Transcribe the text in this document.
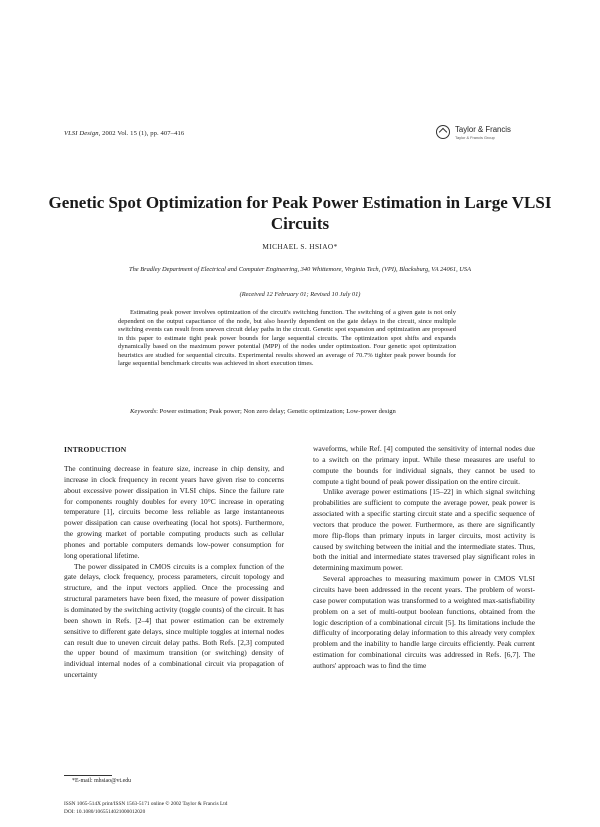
VLSI Design, 2002 Vol. 15 (1), pp. 407–416	Taylor & Francis
Taylor & Francis Group
Genetic Spot Optimization for Peak Power Estimation in Large VLSI Circuits
MICHAEL S. HSIAO*
The Bradley Department of Electrical and Computer Engineering, 340 Whittemore, Virginia Tech, (VPI), Blacksburg, VA 24061, USA
(Received 12 February 01; Revised 10 July 01)

Estimating peak power involves optimization of the circuit's switching function. The switching of a given gate is not only dependent on the output capacitance of the node, but also heavily dependent on the gate delays in the circuit, since multiple switching events can result from uneven circuit delay paths in the circuit. Genetic spot expansion and optimization are proposed in this paper to estimate tight peak power bounds for large sequential circuits. The optimization spot shifts and expands dynamically based on the maximum power potential (MPP) of the nodes under optimization. Four genetic spot optimization heuristics are studied for sequential circuits. Experimental results showed an average of 70.7% tighter peak power bounds for large sequential benchmark circuits was achieved in short execution times.

Keywords: Power estimation; Peak power; Non zero delay; Genetic optimization; Low-power design
INTRODUCTION

The continuing decrease in feature size, increase in chip density, and increase in clock frequency in recent years have given rise to concerns about excessive power dissipation in VLSI chips. Since the failure rate for components roughly doubles for every 10°C increase in operating temperature [1], circuits become less reliable as large instantaneous power dissipation can cause overheating (local hot spots). Furthermore, the growing market of portable computing products such as cellular phones and portable computers demands low-power consumption for long operational lifetime.

The power dissipated in CMOS circuits is a complex function of the gate delays, clock frequency, process parameters, circuit topology and structure, and the input vectors applied. Once the processing and structural parameters have been fixed, the measure of power dissipation is dominated by the switching activity (toggle counts) of the circuit. It has been shown in Refs. [2–4] that power estimation can be extremely sensitive to different gate delays, since multiple toggles at internal nodes can result due to uneven circuit delay paths. Both Refs. [2,3] computed the upper bound of maximum transition (or switching) density of individual internal nodes of a combinational circuit via propagation of uncertainty

waveforms, while Ref. [4] computed the sensitivity of internal nodes due to a switch on the primary input. While these measures are useful to compute the bounds for individual signals, they cannot be used to compute a tight bound of peak power dissipation on the entire circuit.

Unlike average power estimations [15–22] in which signal switching probabilities are sufficient to compute the average power, peak power is associated with a specific starting circuit state and a specific sequence of vectors that produce the power. Furthermore, as there are significantly more flip-flops than primary inputs in larger circuits, most activity is caused by switching between the initial and the intermediate states. Thus, both the initial and intermediate states traversed play significant roles in determining maximum power.

Several approaches to measuring maximum power in CMOS VLSI circuits have been addressed in the recent years. The problem of worst-case power computation was transformed to a weighted max-satisfiability problem on a set of multi-output boolean functions, obtained from the logic description of a combinational circuit [5]. Its limitations include the difficulty of incorporating delay information to this already very complex problem and the inability to handle large circuits efficiently. Peak current estimation for combinational circuits was addressed in Refs. [6,7]. The authors' approach was to find the time

*E-mail: mhsiao@vt.edu
ISSN 1065-514X print/ISSN 1563-5171 online © 2002 Taylor & Francis Ltd
DOI: 10.1080/1065514021000012020
